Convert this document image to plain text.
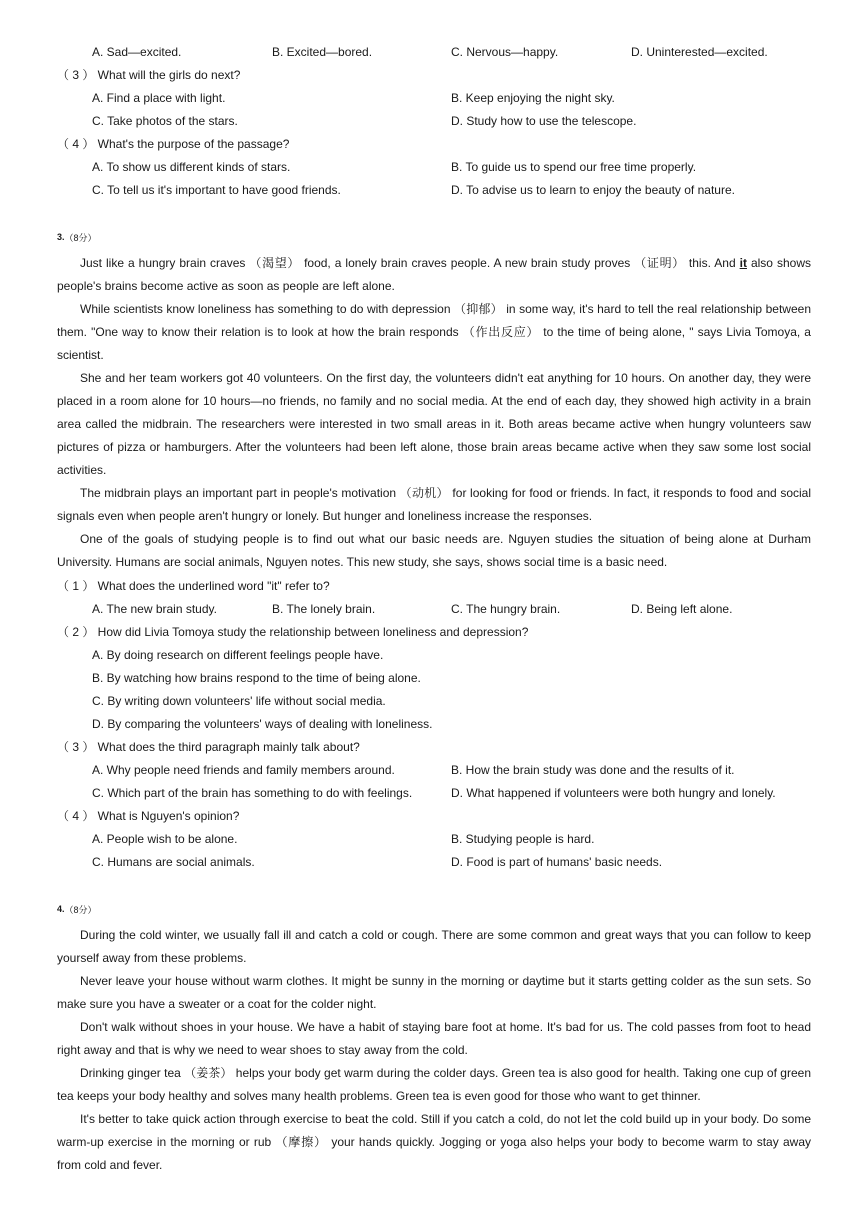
A. Sad—excited.	B. Excited—bored.	C. Nervous—happy.	D. Uninterested—excited.
（ 3 ） What will the girls do next?
A. Find a place with light.	B. Keep enjoying the night sky.
C. Take photos of the stars.	D. Study how to use the telescope.
（ 4 ） What's the purpose of the passage?
A. To show us different kinds of stars.	B. To guide us to spend our free time properly.
C. To tell us it's important to have good friends.	D. To advise us to learn to enjoy the beauty of nature.
3. （8分）

Just like a hungry brain craves （渴望） food, a lonely brain craves people. A new brain study proves （证明） this. And it also shows people's brains become active as soon as people are left alone.

While scientists know loneliness has something to do with depression （抑郁） in some way, it's hard to tell the real relationship between them. "One way to know their relation is to look at how the brain responds （作出反应） to the time of being alone, " says Livia Tomoya, a scientist.

She and her team workers got 40 volunteers. On the first day, the volunteers didn't eat anything for 10 hours. On another day, they were placed in a room alone for 10 hours—no friends, no family and no social media. At the end of each day, they showed high activity in a brain area called the midbrain. The researchers were interested in two small areas in it. Both areas became active when hungry volunteers saw pictures of pizza or hamburgers. After the volunteers had been left alone, those brain areas became active when they saw some lost social activities.

The midbrain plays an important part in people's motivation （动机） for looking for food or friends. In fact, it responds to food and social signals even when people aren't hungry or lonely. But hunger and loneliness increase the responses.

One of the goals of studying people is to find out what our basic needs are. Nguyen studies the situation of being alone at Durham University. Humans are social animals, Nguyen notes. This new study, she says, shows social time is a basic need.

（ 1 ） What does the underlined word "it" refer to?
A. The new brain study.	B. The lonely brain.	C. The hungry brain.	D. Being left alone.
（ 2 ） How did Livia Tomoya study the relationship between loneliness and depression?
A. By doing research on different feelings people have.
B. By watching how brains respond to the time of being alone.
C. By writing down volunteers' life without social media.
D. By comparing the volunteers' ways of dealing with loneliness.
（ 3 ） What does the third paragraph mainly talk about?
A. Why people need friends and family members around.	B. How the brain study was done and the results of it.
C. Which part of the brain has something to do with feelings.	D. What happened if volunteers were both hungry and lonely.
（ 4 ） What is Nguyen's opinion?
A. People wish to be alone.	B. Studying people is hard.
C. Humans are social animals.	D. Food is part of humans' basic needs.
4. （8分）

During the cold winter, we usually fall ill and catch a cold or cough. There are some common and great ways that you can follow to keep yourself away from these problems.

Never leave your house without warm clothes. It might be sunny in the morning or daytime but it starts getting colder as the sun sets. So make sure you have a sweater or a coat for the colder night.

Don't walk without shoes in your house. We have a habit of staying bare foot at home. It's bad for us. The cold passes from foot to head right away and that is why we need to wear shoes to stay away from the cold.

Drinking ginger tea （姜茶） helps your body get warm during the colder days. Green tea is also good for health. Taking one cup of green tea keeps your body healthy and solves many health problems. Green tea is even good for those who want to get thinner.

It's better to take quick action through exercise to beat the cold. Still if you catch a cold, do not let the cold build up in your body. Do some warm-up exercise in the morning or rub （摩擦） your hands quickly. Jogging or yoga also helps your body to become warm to stay away from cold and fever.
